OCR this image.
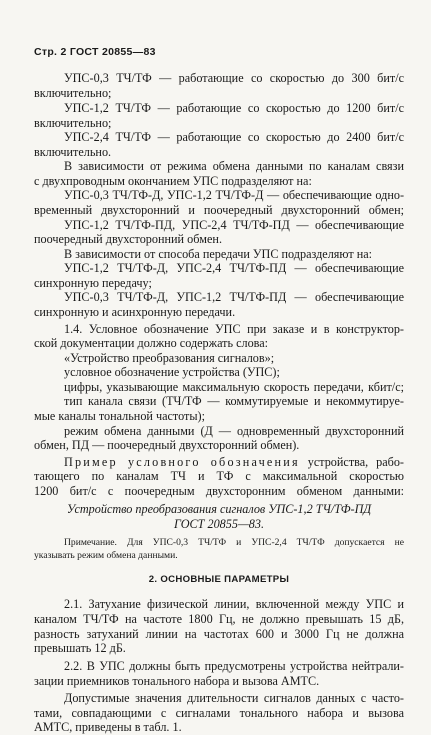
Стр. 2 ГОСТ 20855—83
УПС-0,3 ТЧ/ТФ — работающие со скоростью до 300 бит/с
включительно;
УПС-1,2 ТЧ/ТФ — работающие со скоростью до 1200 бит/с
включительно;
УПС-2,4 ТЧ/ТФ — работающие со скоростью до 2400 бит/с
включительно.
В зависимости от режима обмена данными по каналам связи
с двухпроводным окончанием УПС подразделяют на:
УПС-0,3 ТЧ/ТФ-Д, УПС-1,2 ТЧ/ТФ-Д — обеспечивающие одно-
временный двухсторонний и поочередный двухсторонний обмен;
УПС-1,2 ТЧ/ТФ-ПД, УПС-2,4 ТЧ/ТФ-ПД — обеспечивающие
поочередный двухсторонний обмен.
В зависимости от способа передачи УПС подразделяют на:
УПС-1,2 ТЧ/ТФ-Д, УПС-2,4 ТЧ/ТФ-ПД — обеспечивающие
синхронную передачу;
УПС-0,3 ТЧ/ТФ-Д, УПС-1,2 ТЧ/ТФ-ПД — обеспечивающие
синхронную и асинхронную передачи.
1.4. Условное обозначение УПС при заказе и в конструктор-
ской документации должно содержать слова:
«Устройство преобразования сигналов»;
условное обозначение устройства (УПС);
цифры, указывающие максимальную скорость передачи, кбит/с;
тип канала связи (ТЧ/ТФ — коммутируемые и некоммутируе-
мые каналы тональной частоты);
режим обмена данными (Д — одновременный двухсторонний
обмен, ПД — поочередный двухсторонний обмен).
Пример условного обозначения устройства, рабо-
тающего по каналам ТЧ и ТФ с максимальной скоростью
1200 бит/с с поочередным двухсторонним обменом данными:
Устройство преобразования сигналов УПС-1,2 ТЧ/ТФ-ПД
ГОСТ 20855—83.
Примечание. Для УПС-0,3 ТЧ/ТФ и УПС-2,4 ТЧ/ТФ допускается не
указывать режим обмена данными.
2. ОСНОВНЫЕ ПАРАМЕТРЫ
2.1. Затухание физической линии, включенной между УПС и
каналом ТЧ/ТФ на частоте 1800 Гц, не должно превышать 15 дБ,
разность затуханий линии на частотах 600 и 3000 Гц не должна
превышать 12 дБ.
2.2. В УПС должны быть предусмотрены устройства нейтрали-
зации приемников тонального набора и вызова АМТС.
Допустимые значения длительности сигналов данных с часто-
тами, совпадающими с сигналами тонального набора и вызова
АМТС, приведены в табл. 1.
